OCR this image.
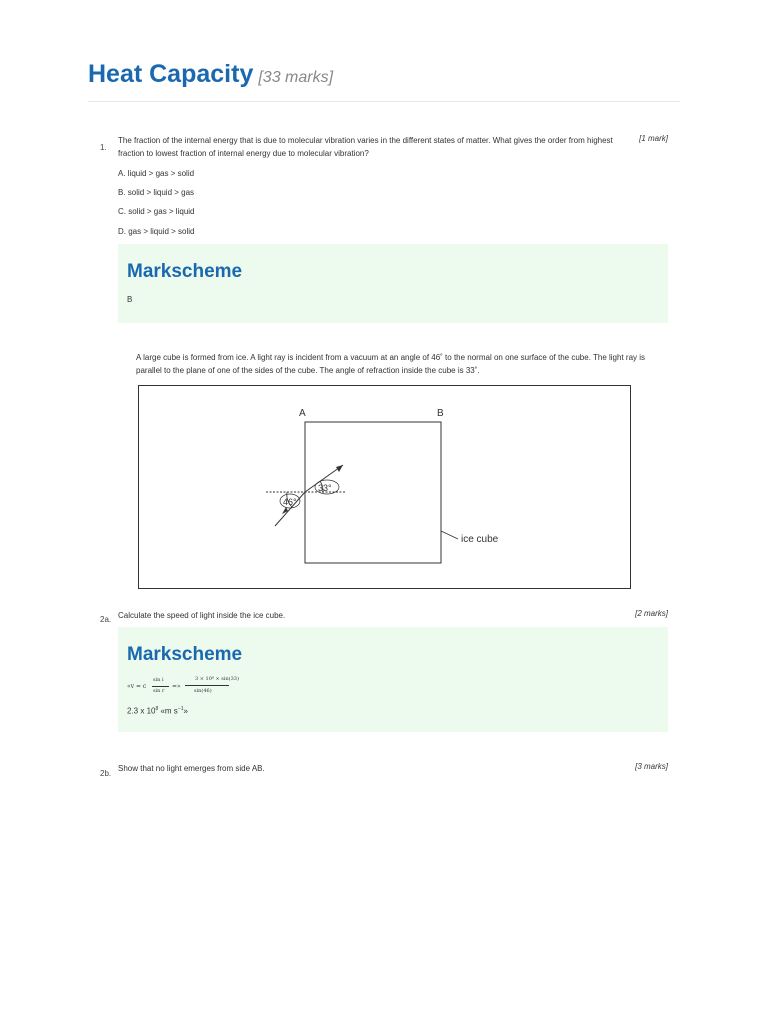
Heat Capacity [33 marks]
1.
The fraction of the internal energy that is due to molecular vibration varies in the different states of matter. What gives the order from highest fraction to lowest fraction of internal energy due to molecular vibration?
[1 mark]
A. liquid > gas > solid
B. solid > liquid > gas
C. solid > gas > liquid
D. gas > liquid > solid
Markscheme
B
A large cube is formed from ice. A light ray is incident from a vacuum at an angle of 46˚ to the normal on one surface of the cube. The light ray is parallel to the plane of one of the sides of the cube. The angle of refraction inside the cube is 33˚.
A	B
46°
33°
ice cube
2a. Calculate the speed of light inside the ice cube.	[2 marks]
Markscheme
«v = c
sin i
sin r
=»
3 × 10⁸ × sin(33)
sin(46)
2.3 x $10^8$ «m $s^{-1}$»
2b.
Show that no light emerges from side AB.	[3 marks]
